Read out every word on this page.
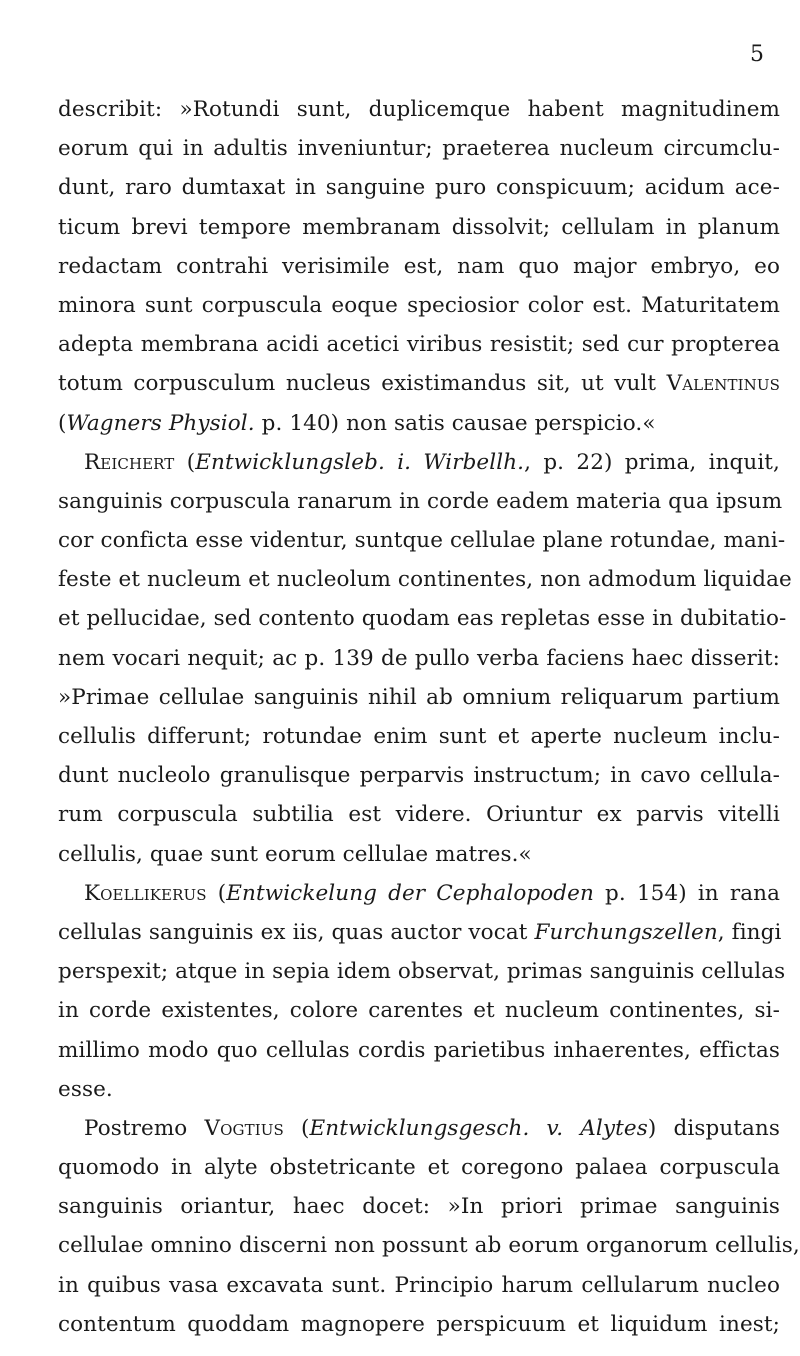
5
describit: »Rotundi sunt, duplicemque habent magnitudinem
eorum qui in adultis inveniuntur; praeterea nucleum circumclu-
dunt, raro dumtaxat in sanguine puro conspicuum; acidum ace-
ticum brevi tempore membranam dissolvit; cellulam in planum
redactam contrahi verisimile est, nam quo major embryo, eo
minora sunt corpuscula eoque speciosior color est. Maturitatem
adepta membrana acidi acetici viribus resistit; sed cur propterea
totum corpusculum nucleus existimandus sit, ut vult Valentinus
(Wagners Physiol. p. 140) non satis causae perspicio.«
Reichert (Entwicklungsleb. i. Wirbellh., p. 22) prima, inquit,
sanguinis corpuscula ranarum in corde eadem materia qua ipsum
cor conficta esse videntur, suntque cellulae plane rotundae, mani-
feste et nucleum et nucleolum continentes, non admodum liquidae
et pellucidae, sed contento quodam eas repletas esse in dubitatio-
nem vocari nequit; ac p. 139 de pullo verba faciens haec disserit:
»Primae cellulae sanguinis nihil ab omnium reliquarum partium
cellulis differunt; rotundae enim sunt et aperte nucleum inclu-
dunt nucleolo granulisque perparvis instructum; in cavo cellula-
rum corpuscula subtilia est videre. Oriuntur ex parvis vitelli
cellulis, quae sunt eorum cellulae matres.«
Koellikerus (Entwickelung der Cephalopoden p. 154) in rana
cellulas sanguinis ex iis, quas auctor vocat Furchungszellen, fingi
perspexit; atque in sepia idem observat, primas sanguinis cellulas
in corde existentes, colore carentes et nucleum continentes, si-
millimo modo quo cellulas cordis parietibus inhaerentes, effictas
esse.
Postremo Vogtius (Entwicklungsgesch. v. Alytes) disputans
quomodo in alyte obstetricante et coregono palaea corpuscula
sanguinis oriantur, haec docet: »In priori primae sanguinis
cellulae omnino discerni non possunt ab eorum organorum cellulis,
in quibus vasa excavata sunt. Principio harum cellularum nucleo
contentum quoddam magnopere perspicuum et liquidum inest;
